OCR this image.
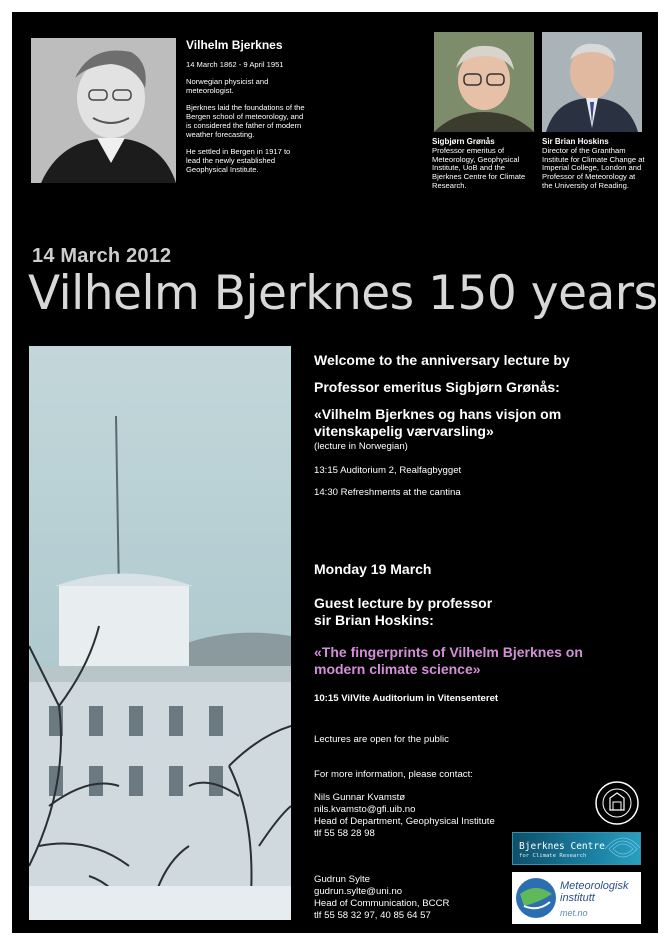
Vilhelm Bjerknes

14 March 1862 - 9 April 1951

Norwegian physicist and meteorologist.

Bjerknes laid the foundations of the Bergen school of meteorology, and is considered the father of modern weather forecasting.

He settled in Bergen in 1917 to lead the newly established Geophysical Institute.

Sigbjørn Grønås
Professor emeritus of Meteorology, Geophysical Institute, UoB and the Bjerknes Centre for Climate Research.
Sir Brian Hoskins
Director of the Grantham Institute for Climate Change at Imperial College, London and Professor of Meteorology at the University of Reading.
14 March 2012
Vilhelm Bjerknes 150 years
Welcome to the anniversary lecture by
Professor emeritus Sigbjørn Grønås:
«Vilhelm Bjerknes og hans visjon om vitenskapelig værvarsling»
(lecture in Norwegian)
13:15 Auditorium 2, Realfagbygget
14:30 Refreshments at the cantina
Monday 19 March
Guest lecture by professor
sir Brian Hoskins:
«The fingerprints of Vilhelm Bjerknes on modern climate science»
10:15 VilVite Auditorium in Vitensenteret
Lectures are open for the public
For more information, please contact:
Nils Gunnar Kvamstø
nils.kvamsto@gfi.uib.no
Head of Department, Geophysical Institute
tlf 55 58 28 98
Gudrun Sylte
gudrun.sylte@uni.no
Head of Communication, BCCR
tlf 55 58 32 97, 40 85 64 57
Bjerknes Centre
for Climate Research
Meteorologisk
institutt
met.no
